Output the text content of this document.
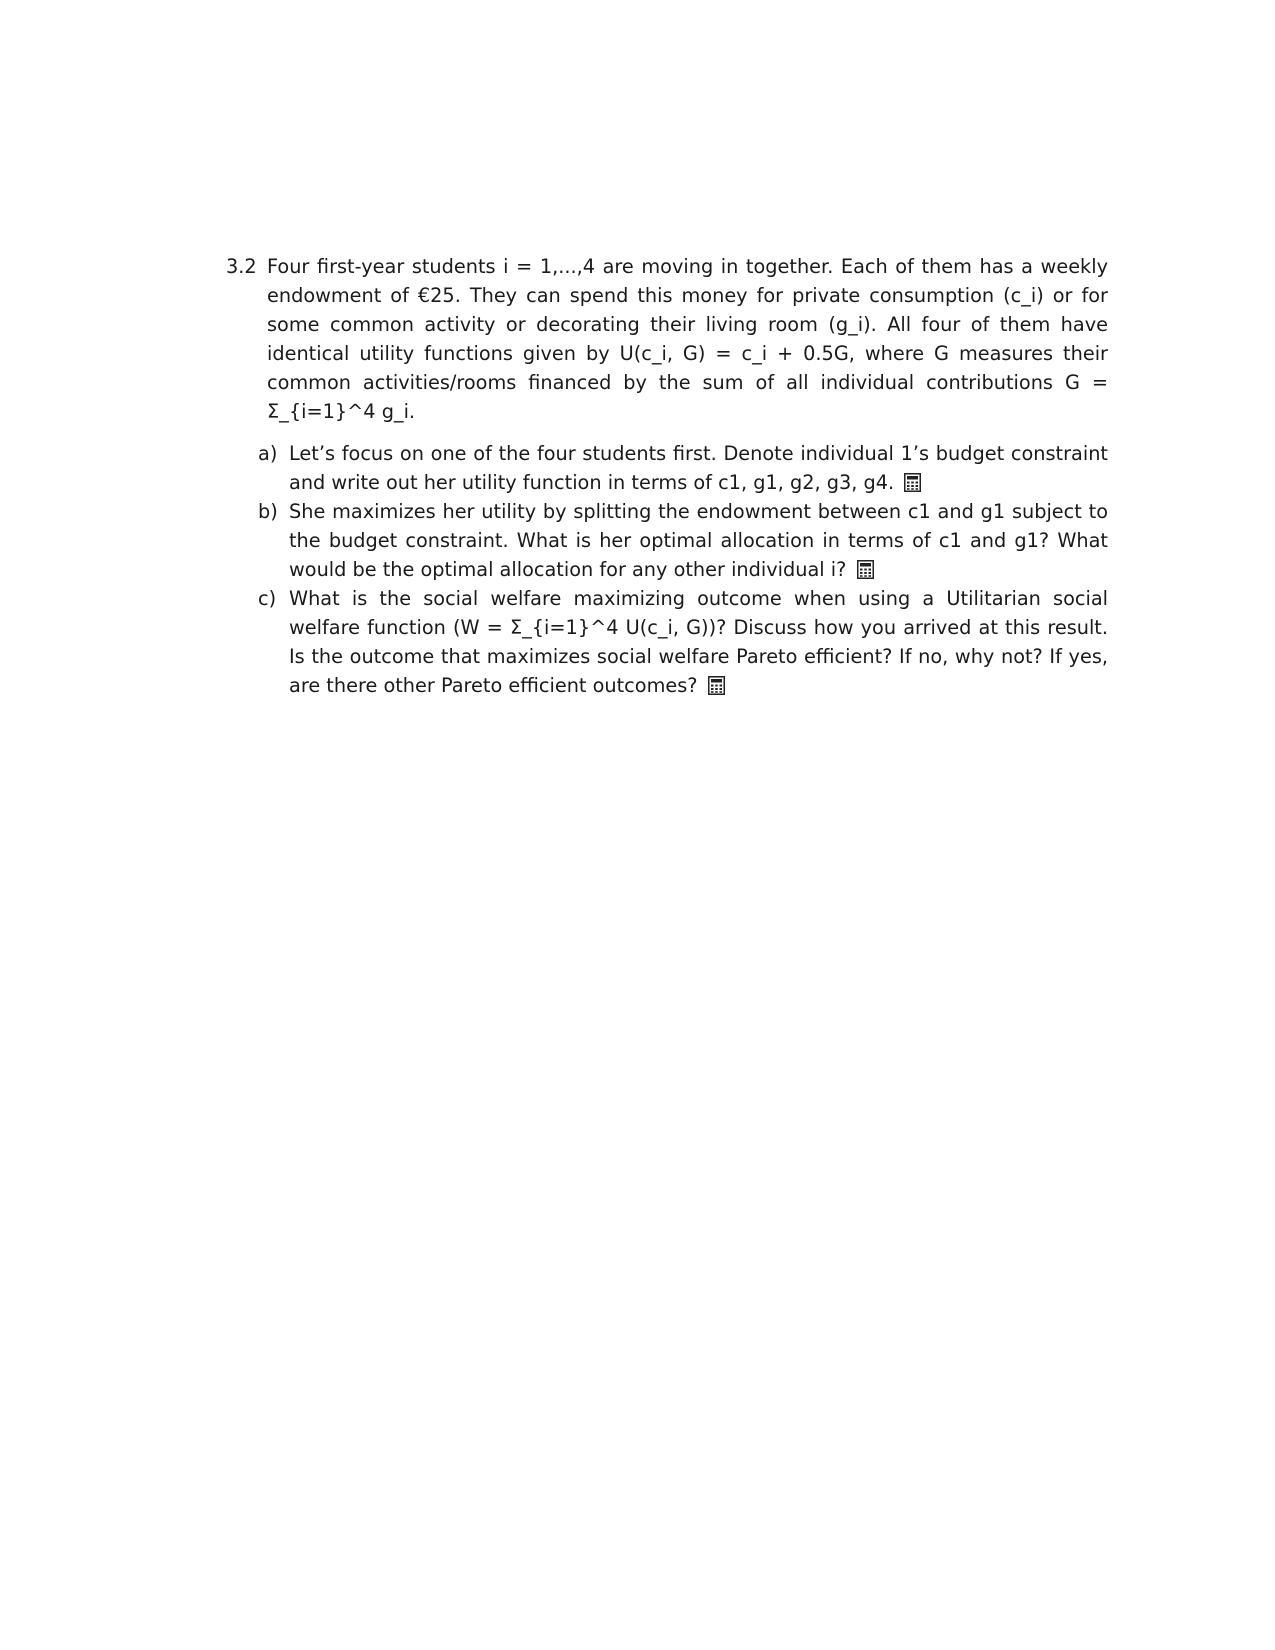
3.2 Four first-year students i = 1,...,4 are moving in together. Each of them has a weekly endowment of €25. They can spend this money for private consumption (c_i) or for some common activity or decorating their living room (g_i). All four of them have identical utility functions given by U(c_i, G) = c_i + 0.5G, where G measures their common activities/rooms financed by the sum of all individual contributions G = Σ_{i=1}^4 g_i.
a) Let’s focus on one of the four students first. Denote individual 1’s budget constraint and write out her utility function in terms of c1, g1, g2, g3, g4.
b) She maximizes her utility by splitting the endowment between c1 and g1 subject to the budget constraint. What is her optimal allocation in terms of c1 and g1? What would be the optimal allocation for any other individual i?
c) What is the social welfare maximizing outcome when using a Utilitarian social welfare function (W = Σ_{i=1}^4 U(c_i, G))? Discuss how you arrived at this result. Is the outcome that maximizes social welfare Pareto efficient? If no, why not? If yes, are there other Pareto efficient outcomes?
